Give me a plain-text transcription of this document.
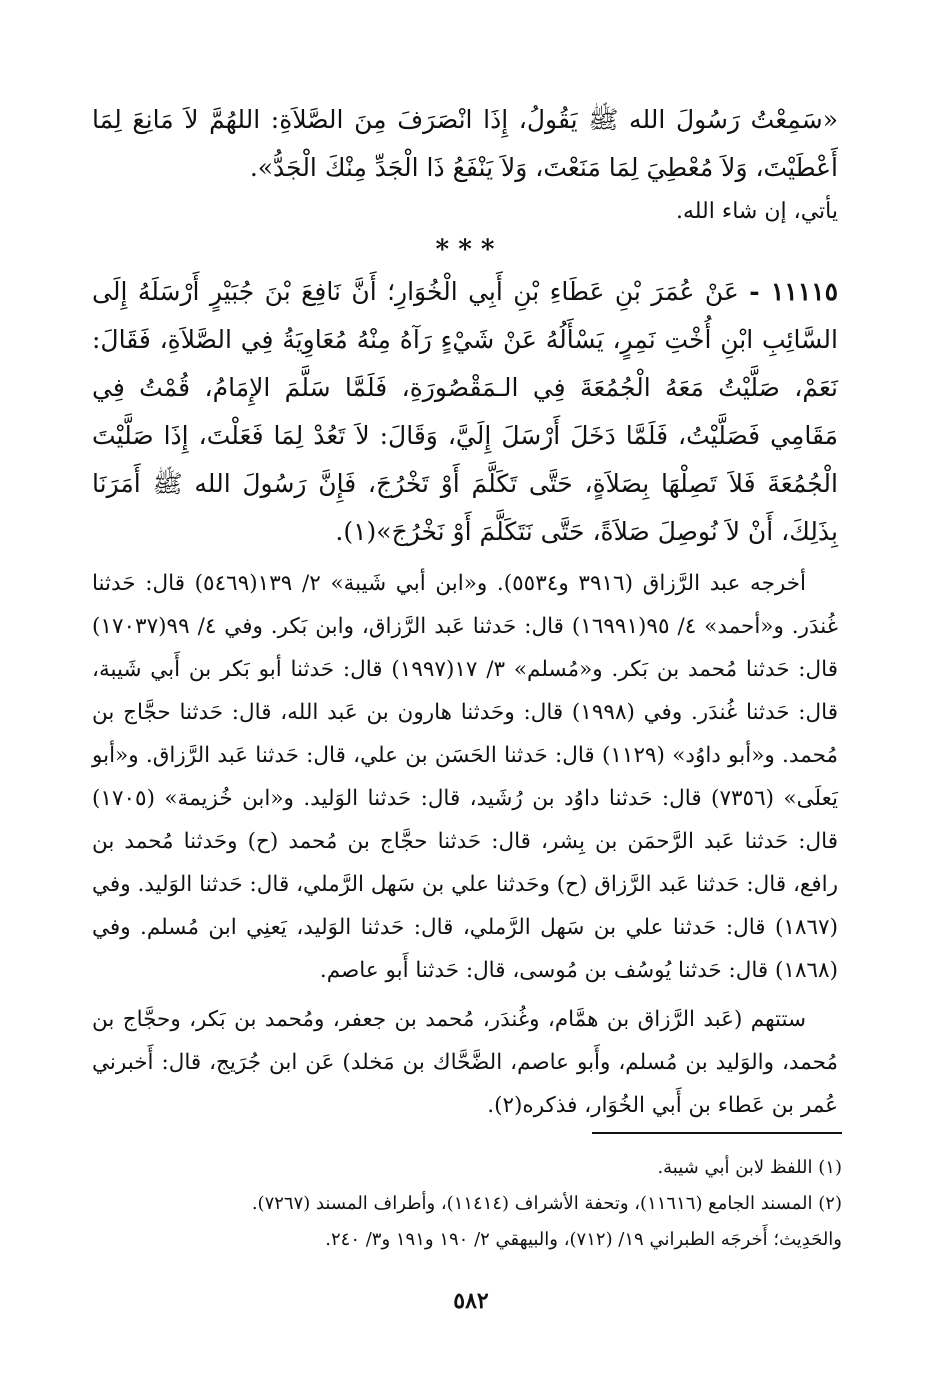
«سَمِعْتُ رَسُولَ الله ﷺ يَقُولُ، إِذَا انْصَرَفَ مِنَ الصَّلاَةِ: اللهُمَّ لاَ مَانِعَ لِمَا أَعْطَيْتَ، وَلاَ مُعْطِيَ لِمَا مَنَعْتَ، وَلاَ يَنْفَعُ ذَا الْجَدِّ مِنْكَ الْجَدُّ».

يأتي، إن شاء الله.

* * *

١١١١٥ - عَنْ عُمَرَ بْنِ عَطَاءِ بْنِ أَبِي الْخُوَارِ؛ أَنَّ نَافِعَ بْنَ جُبَيْرٍ أَرْسَلَهُ إِلَى السَّائِبِ ابْنِ أُخْتِ نَمِرٍ، يَسْأَلُهُ عَنْ شَيْءٍ رَآهُ مِنْهُ مُعَاوِيَةُ فِي الصَّلاَةِ، فَقَالَ: نَعَمْ، صَلَّيْتُ مَعَهُ الْجُمُعَةَ فِي الـمَقْصُورَةِ، فَلَمَّا سَلَّمَ الإِمَامُ، قُمْتُ فِي مَقَامِي فَصَلَّيْتُ، فَلَمَّا دَخَلَ أَرْسَلَ إِلَيَّ، وَقَالَ: لاَ تَعُدْ لِمَا فَعَلْتَ، إِذَا صَلَّيْتَ الْجُمُعَةَ فَلاَ تَصِلْهَا بِصَلاَةٍ، حَتَّى تَكَلَّمَ أَوْ تَخْرُجَ، فَإِنَّ رَسُولَ الله ﷺ أَمَرَنَا بِذَلِكَ، أَنْ لاَ نُوصِلَ صَلاَةً، حَتَّى نَتَكَلَّمَ أَوْ نَخْرُجَ»(١).

أخرجه عبد الرَّزاق (٣٩١٦ و٥٥٣٤). و«ابن أبي شَيبة» ٢/ ١٣٩(٥٤٦٩) قال: حَدثنا غُندَر. و«أحمد» ٤/ ٩٥(١٦٩٩١) قال: حَدثنا عَبد الرَّزاق، وابن بَكر. وفي ٤/ ٩٩(١٧٠٣٧) قال: حَدثنا مُحمد بن بَكر. و«مُسلم» ٣/ ١٧(١٩٩٧) قال: حَدثنا أبو بَكر بن أَبي شَيبة، قال: حَدثنا غُندَر. وفي (١٩٩٨) قال: وحَدثنا هارون بن عَبد الله، قال: حَدثنا حجَّاج بن مُحمد. و«أبو داوُد» (١١٢٩) قال: حَدثنا الحَسَن بن علي، قال: حَدثنا عَبد الرَّزاق. و«أبو يَعلَى» (٧٣٥٦) قال: حَدثنا داوُد بن رُشَيد، قال: حَدثنا الوَليد. و«ابن خُزيمة» (١٧٠٥) قال: حَدثنا عَبد الرَّحمَن بن بِشر، قال: حَدثنا حجَّاج بن مُحمد (ح) وحَدثنا مُحمد بن رافع، قال: حَدثنا عَبد الرَّزاق (ح) وحَدثنا علي بن سَهل الرَّملي، قال: حَدثنا الوَليد. وفي (١٨٦٧) قال: حَدثنا علي بن سَهل الرَّملي، قال: حَدثنا الوَليد، يَعنِي ابن مُسلم. وفي (١٨٦٨) قال: حَدثنا يُوسُف بن مُوسى، قال: حَدثنا أَبو عاصم.

ستتهم (عَبد الرَّزاق بن همَّام، وغُندَر، مُحمد بن جعفر، ومُحمد بن بَكر، وحجَّاج بن مُحمد، والوَليد بن مُسلم، وأَبو عاصم، الضَّحَّاك بن مَخلد) عَن ابن جُرَيج، قال: أَخبرني عُمر بن عَطاء بن أَبي الخُوَار، فذكره(٢).

(١) اللفظ لابن أبي شيبة.

(٢) المسند الجامع (١١٦١٦)، وتحفة الأشراف (١١٤١٤)، وأطراف المسند (٧٢٦٧).

والحَدِيث؛ أَخرجَه الطبراني ١٩/ (٧١٢)، والبيهقي ٢/ ١٩٠ و١٩١ و٣/ ٢٤٠.

٥٨٢
